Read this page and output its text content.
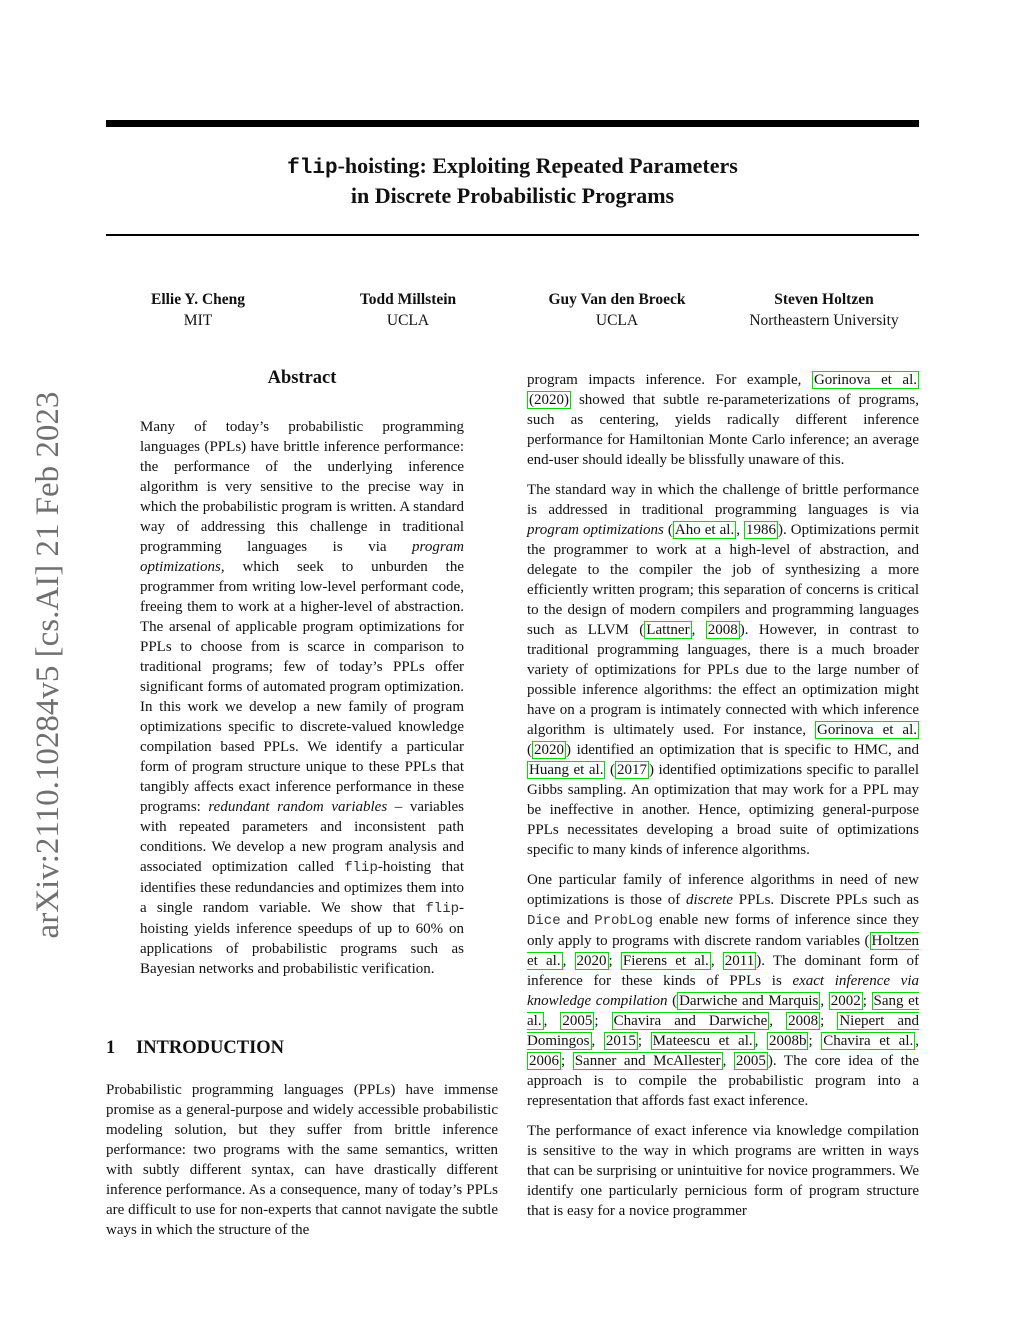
flip-hoisting: Exploiting Repeated Parameters
in Discrete Probabilistic Programs
Ellie Y. Cheng
MIT
Todd Millstein
UCLA
Guy Van den Broeck
UCLA
Steven Holtzen
Northeastern University
arXiv:2110.10284v5 [cs.AI] 21 Feb 2023
Abstract

Many of today’s probabilistic programming languages (PPLs) have brittle inference performance: the performance of the underlying inference algorithm is very sensitive to the precise way in which the probabilistic program is written. A standard way of addressing this challenge in traditional programming languages is via program optimizations, which seek to unburden the programmer from writing low-level performant code, freeing them to work at a higher-level of abstraction. The arsenal of applicable program optimizations for PPLs to choose from is scarce in comparison to traditional programs; few of today’s PPLs offer significant forms of automated program optimization. In this work we develop a new family of program optimizations specific to discrete-valued knowledge compilation based PPLs. We identify a particular form of program structure unique to these PPLs that tangibly affects exact inference performance in these programs: redundant random variables – variables with repeated parameters and inconsistent path conditions. We develop a new program analysis and associated optimization called flip-hoisting that identifies these redundancies and optimizes them into a single random variable. We show that flip-hoisting yields inference speedups of up to 60% on applications of probabilistic programs such as Bayesian networks and probabilistic verification.

1 INTRODUCTION

Probabilistic programming languages (PPLs) have immense promise as a general-purpose and widely accessible probabilistic modeling solution, but they suffer from brittle inference performance: two programs with the same semantics, written with subtly different syntax, can have drastically different inference performance. As a consequence, many of today’s PPLs are difficult to use for non-experts that cannot navigate the subtle ways in which the structure of the

program impacts inference. For example, Gorinova et al. (2020) showed that subtle re-parameterizations of programs, such as centering, yields radically different inference performance for Hamiltonian Monte Carlo inference; an average end-user should ideally be blissfully unaware of this.

The standard way in which the challenge of brittle performance is addressed in traditional programming languages is via program optimizations ( Aho et al. , 1986 ). Optimizations permit the programmer to work at a high-level of abstraction, and delegate to the compiler the job of synthesizing a more efficiently written program; this separation of concerns is critical to the design of modern compilers and programming languages such as LLVM ( Lattner , 2008 ). However, in contrast to traditional programming languages, there is a much broader variety of optimizations for PPLs due to the large number of possible inference algorithms: the effect an optimization might have on a program is intimately connected with which inference algorithm is ultimately used. For instance, Gorinova et al. ( 2020 ) identified an optimization that is specific to HMC, and Huang et al. ( 2017 ) identified optimizations specific to parallel Gibbs sampling. An optimization that may work for a PPL may be ineffective in another. Hence, optimizing general-purpose PPLs necessitates developing a broad suite of optimizations specific to many kinds of inference algorithms.

One particular family of inference algorithms in need of new optimizations is those of discrete PPLs. Discrete PPLs such as Dice and ProbLog enable new forms of inference since they only apply to programs with discrete random variables ( Holtzen et al. , 2020 ; Fierens et al. , 2011 ). The dominant form of inference for these kinds of PPLs is exact inference via knowledge compilation ( Darwiche and Marquis , 2002 ; Sang et al. , 2005 ; Chavira and Darwiche , 2008 ; Niepert and Domingos , 2015 ; Mateescu et al. , 2008b ; Chavira et al. , 2006 ; Sanner and McAllester , 2005 ). The core idea of the approach is to compile the probabilistic program into a representation that affords fast exact inference.

The performance of exact inference via knowledge compilation is sensitive to the way in which programs are written in ways that can be surprising or unintuitive for novice programmers. We identify one particularly pernicious form of program structure that is easy for a novice programmer
